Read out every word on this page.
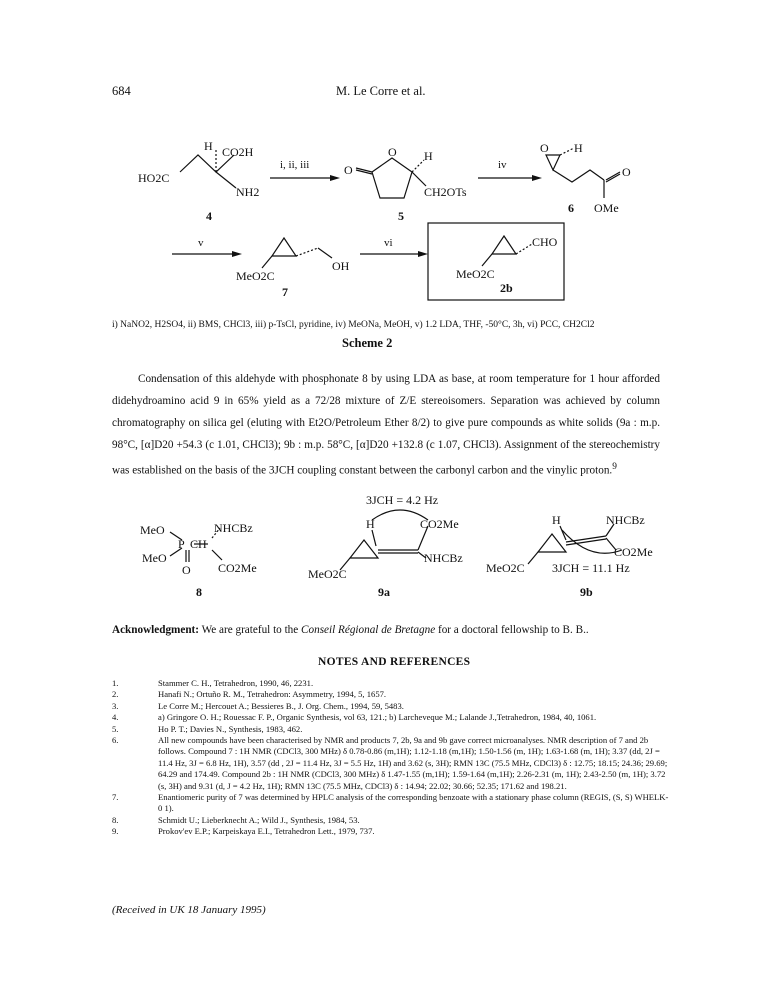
684	M. Le Corre et al.
H CO2H
HO2C
NH2
4
i, ii, iii
O H
CH2OTs
O
5
iv
O H
O
OMe
6
v
OH
MeO2C
7
vi	CHO
MeO2C
2b
i) NaNO2, H2SO4, ii) BMS, CHCl3, iii) p-TsCl, pyridine, iv) MeONa, MeOH, v) 1.2 LDA, THF, -50°C, 3h, vi) PCC, CH2Cl2
Scheme 2
Condensation of this aldehyde with phosphonate 8 by using LDA as base, at room temperature for 1 hour afforded didehydroamino acid 9 in 65% yield as a 72/28 mixture of Z/E stereoisomers. Separation was achieved by column chromatography on silica gel (eluting with Et2O/Petroleum Ether 8/2) to give pure compounds as white solids (9a : m.p. 98°C, [α]D20 +54.3 (c 1.01, CHCl3); 9b : m.p. 58°C, [α]D20 +132.8 (c 1.07, CHCl3). Assignment of the stereochemistry was established on the basis of the 3JCH coupling constant between the carbonyl carbon and the vinylic proton.$^9$
MeO
P CH
NHCBz
MeO
O CO2Me
8
3JCH = 4.2 Hz
H	CO2Me
NHCBz
MeO2C
9a
H	NHCBz
CO2Me
MeO2C 3JCH = 11.1 Hz
9b
Acknowledgment: We are grateful to the Conseil Régional de Bretagne for a doctoral fellowship to B. B..
NOTES AND REFERENCES
1.	Stammer C. H., Tetrahedron, 1990, 46, 2231.
2.	Hanafi N.; Ortuño R. M., Tetrahedron: Asymmetry, 1994, 5, 1657.
3.	Le Corre M.; Hercouet A.; Bessieres B., J. Org. Chem., 1994, 59, 5483.
4.	a) Gringore O. H.; Rouessac F. P., Organic Synthesis, vol 63, 121.; b) Larcheveque M.; Lalande J.,Tetrahedron, 1984, 40, 1061.
5.	Ho P. T.; Davies N., Synthesis, 1983, 462.
6.	All new compounds have been characterised by NMR and products 7, 2b, 9a and 9b gave correct microanalyses. NMR description of 7 and 2b follows. Compound 7 : 1H NMR (CDCl3, 300 MHz) δ 0.78-0.86 (m,1H); 1.12-1.18 (m,1H); 1.50-1.56 (m, 1H); 1.63-1.68 (m, 1H); 3.37 (dd, 2J = 11.4 Hz, 3J = 6.8 Hz, 1H), 3.57 (dd , 2J = 11.4 Hz, 3J = 5.5 Hz, 1H) and 3.62 (s, 3H); RMN 13C (75.5 MHz, CDCl3) δ : 12.75; 18.15; 24.36; 29.69; 64.29 and 174.49. Compound 2b : 1H NMR (CDCl3, 300 MHz) δ 1.47-1.55 (m,1H); 1.59-1.64 (m,1H); 2.26-2.31 (m, 1H); 2.43-2.50 (m, 1H); 3.72 (s, 3H) and 9.31 (d, J = 4.2 Hz, 1H); RMN 13C (75.5 MHz, CDCl3) δ : 14.94; 22.02; 30.66; 52.35; 171.62 and 198.21.
7.	Enantiomeric purity of 7 was determined by HPLC analysis of the corresponding benzoate with a stationary phase column (REGIS, (S, S) WHELK-0 1).
8.	Schmidt U.; Lieberknecht A.; Wild J., Synthesis, 1984, 53.
9.	Prokov'ev E.P.; Karpeiskaya E.I., Tetrahedron Lett., 1979, 737.
(Received in UK 18 January 1995)
